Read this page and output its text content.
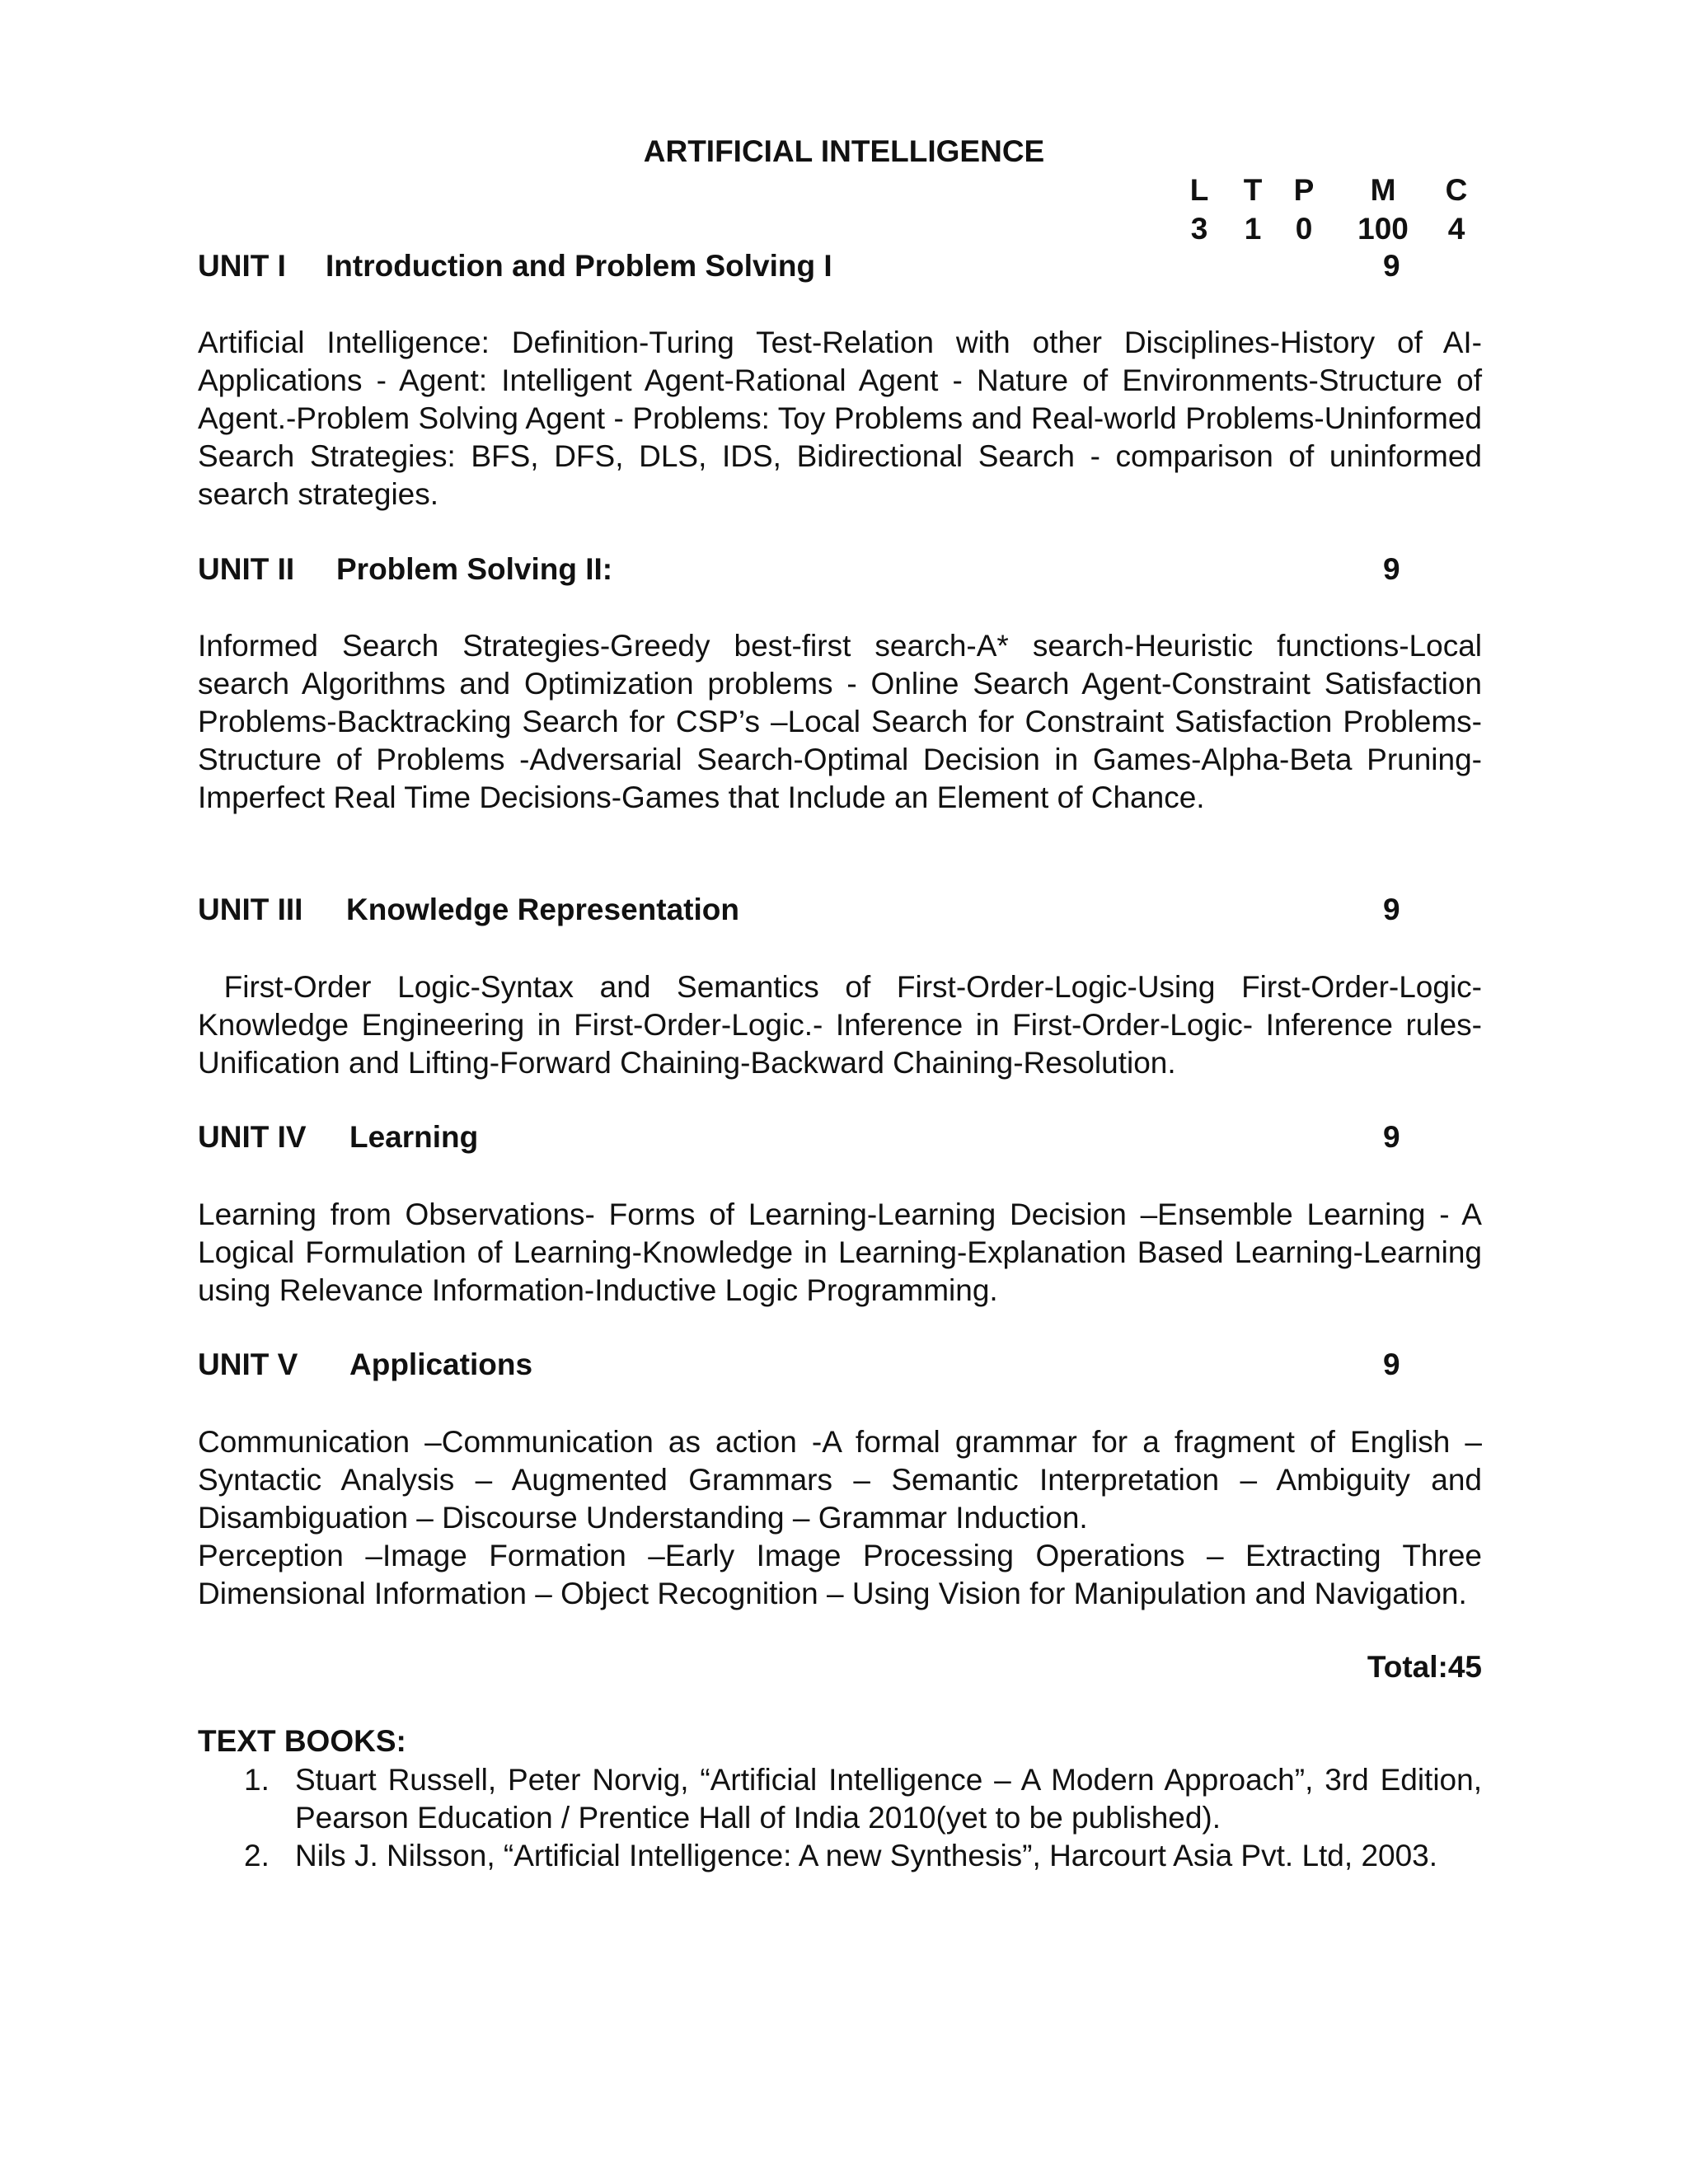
ARTIFICIAL INTELLIGENCE
L	T	P	M	C
3	1	0	100	4
UNIT I Introduction and Problem Solving I	9

Artificial Intelligence: Definition-Turing Test-Relation with other Disciplines-History of AI-Applications - Agent: Intelligent Agent-Rational Agent - Nature of Environments-Structure of Agent.-Problem Solving Agent - Problems: Toy Problems and Real-world Problems-Uninformed Search Strategies: BFS, DFS, DLS, IDS, Bidirectional Search - comparison of uninformed search strategies.

UNIT II Problem Solving II:	9

Informed Search Strategies-Greedy best-first search-A* search-Heuristic functions-Local search Algorithms and Optimization problems - Online Search Agent-Constraint Satisfaction Problems-Backtracking Search for CSP’s –Local Search for Constraint Satisfaction Problems-Structure of Problems -Adversarial Search-Optimal Decision in Games-Alpha-Beta Pruning-Imperfect Real Time Decisions-Games that Include an Element of Chance.

UNIT III Knowledge Representation	9

First-Order Logic-Syntax and Semantics of First-Order-Logic-Using First-Order-Logic-Knowledge Engineering in First-Order-Logic.- Inference in First-Order-Logic- Inference rules-Unification and Lifting-Forward Chaining-Backward Chaining-Resolution.

UNIT IV Learning	9

Learning from Observations- Forms of Learning-Learning Decision –Ensemble Learning - A Logical Formulation of Learning-Knowledge in Learning-Explanation Based Learning-Learning using Relevance Information-Inductive Logic Programming.

UNIT V Applications	9

Communication –Communication as action -A formal grammar for a fragment of English – Syntactic Analysis – Augmented Grammars – Semantic Interpretation – Ambiguity and Disambiguation – Discourse Understanding – Grammar Induction.

Perception –Image Formation –Early Image Processing Operations – Extracting Three Dimensional Information – Object Recognition – Using Vision for Manipulation and Navigation.

Total:45
TEXT BOOKS:
1. Stuart Russell, Peter Norvig, “Artificial Intelligence – A Modern Approach”, 3rd Edition, Pearson Education / Prentice Hall of India 2010(yet to be published).
2. Nils J. Nilsson, “Artificial Intelligence: A new Synthesis”, Harcourt Asia Pvt. Ltd, 2003.
